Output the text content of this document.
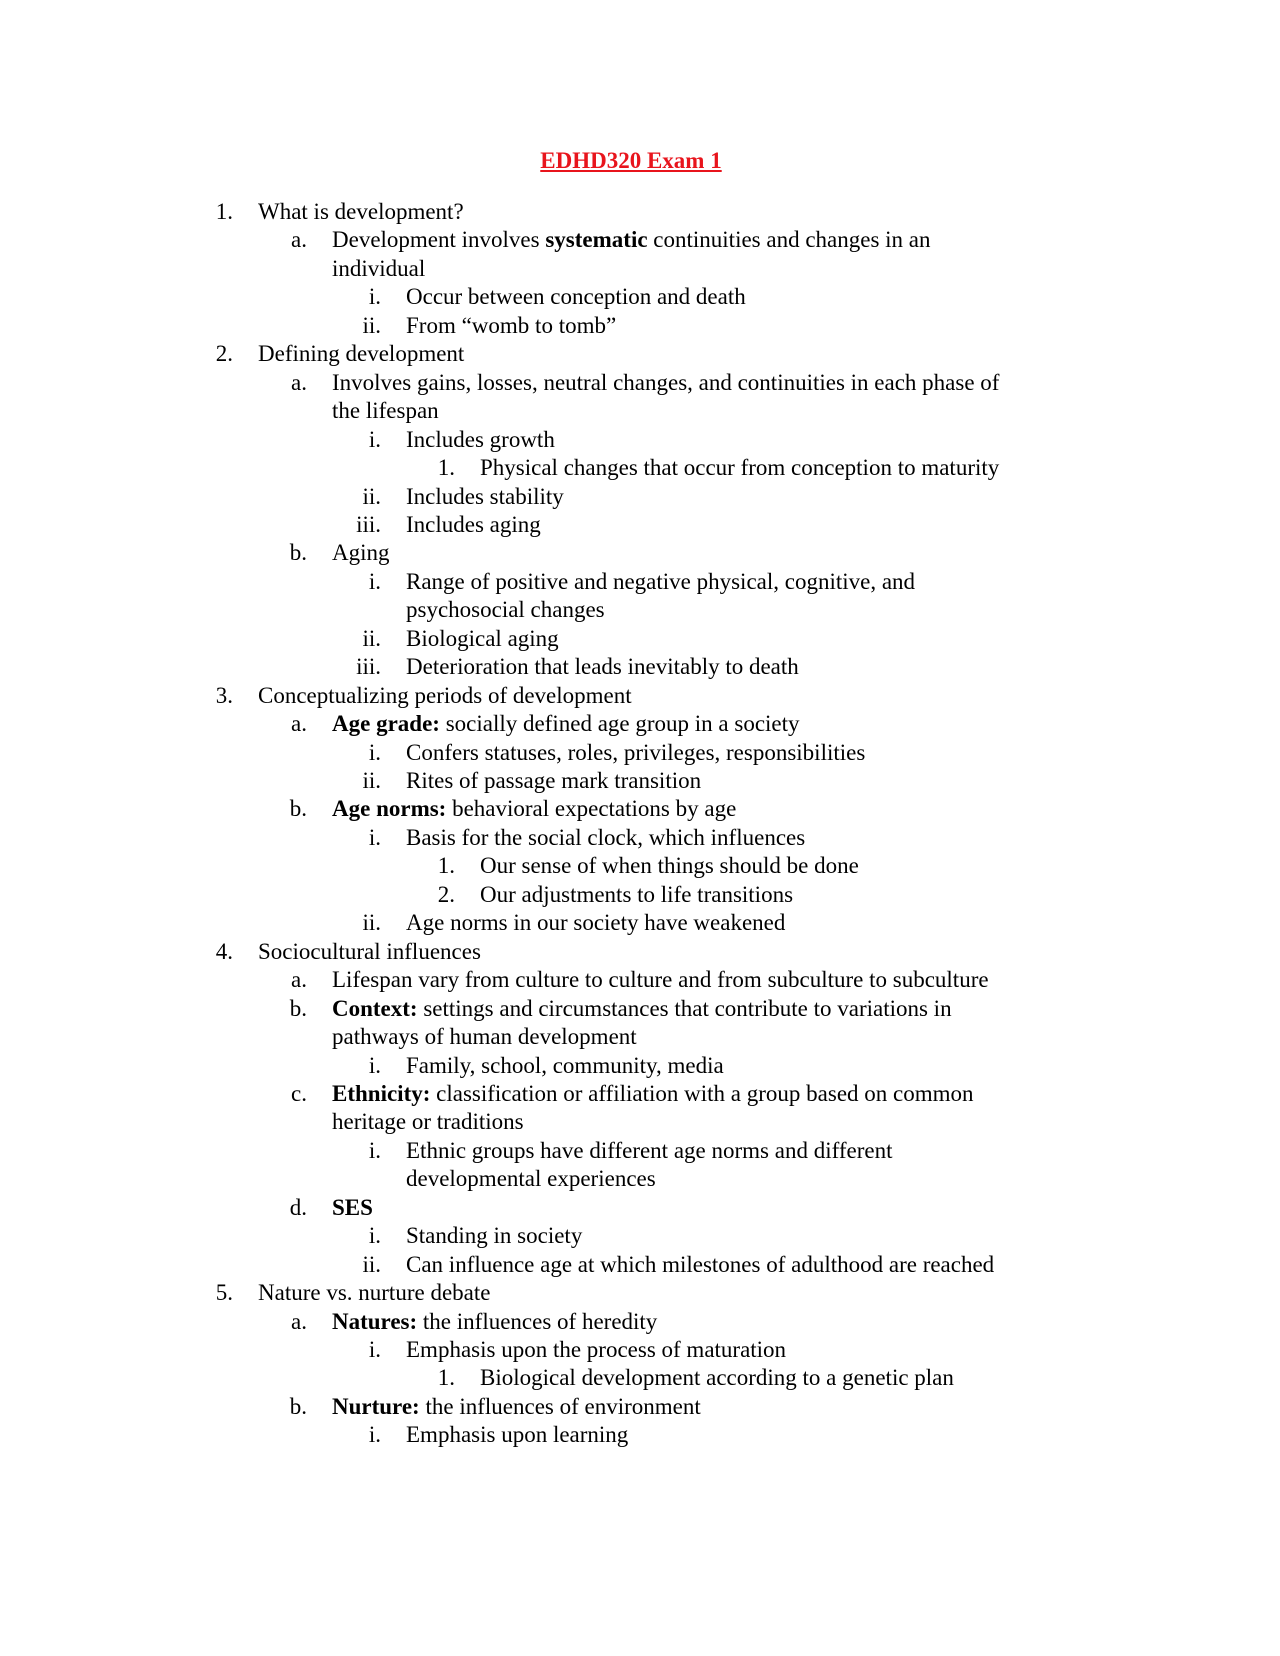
EDHD320 Exam 1
1. What is development?
a. Development involves systematic continuities and changes in an
individual
i. Occur between conception and death
ii. From “womb to tomb”
2. Defining development
a. Involves gains, losses, neutral changes, and continuities in each phase of
the lifespan
i. Includes growth
1. Physical changes that occur from conception to maturity
ii. Includes stability
iii. Includes aging
b. Aging
i. Range of positive and negative physical, cognitive, and
psychosocial changes
ii. Biological aging
iii. Deterioration that leads inevitably to death
3. Conceptualizing periods of development
a. Age grade: socially defined age group in a society
i. Confers statuses, roles, privileges, responsibilities
ii. Rites of passage mark transition
b. Age norms: behavioral expectations by age
i. Basis for the social clock, which influences
1. Our sense of when things should be done
2. Our adjustments to life transitions
ii. Age norms in our society have weakened
4. Sociocultural influences
a. Lifespan vary from culture to culture and from subculture to subculture
b. Context: settings and circumstances that contribute to variations in
pathways of human development
i. Family, school, community, media
c. Ethnicity: classification or affiliation with a group based on common
heritage or traditions
i. Ethnic groups have different age norms and different
developmental experiences
d. SES
i. Standing in society
ii. Can influence age at which milestones of adulthood are reached
5. Nature vs. nurture debate
a. Natures: the influences of heredity
i. Emphasis upon the process of maturation
1. Biological development according to a genetic plan
b. Nurture: the influences of environment
i. Emphasis upon learning
